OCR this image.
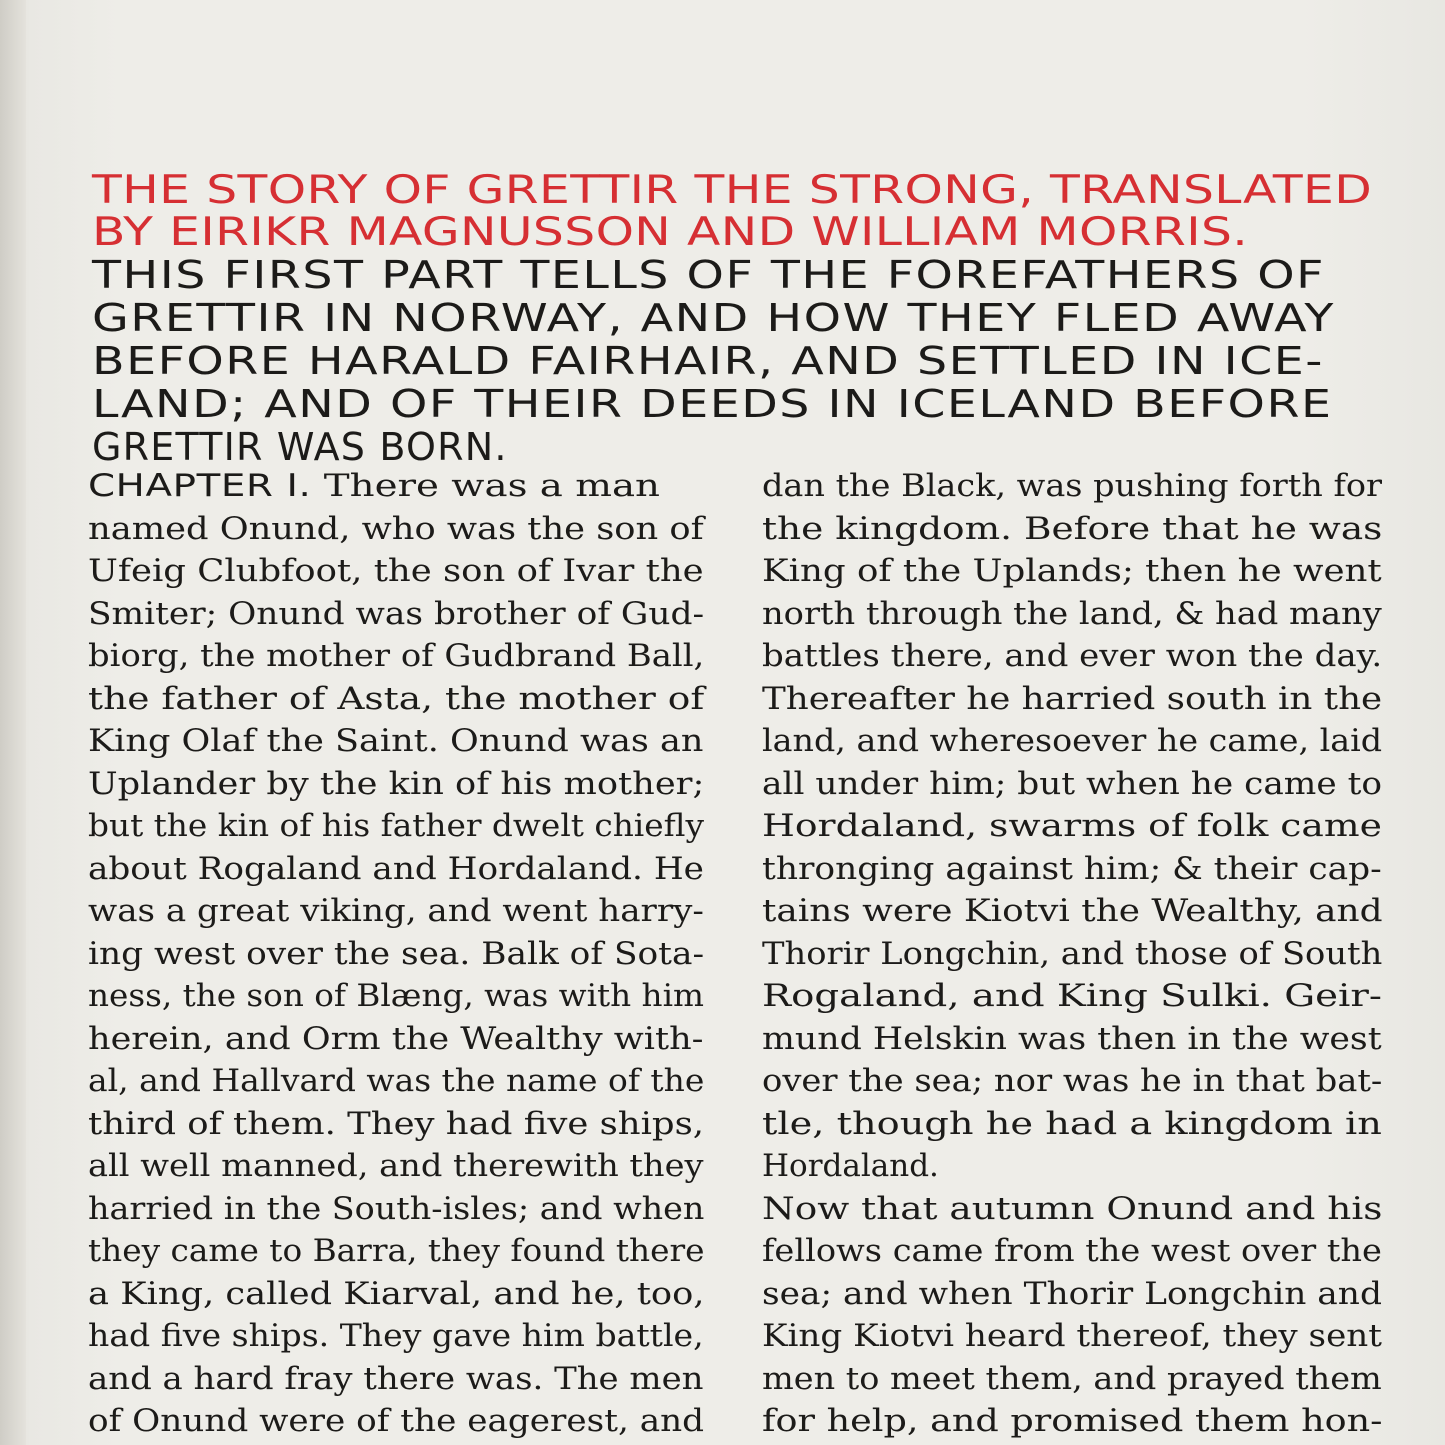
THE STORY OF GRETTIR THE STRONG, TRANSLATED
BY EIRIKR MAGNUSSON AND WILLIAM MORRIS.
THIS FIRST PART TELLS OF THE FOREFATHERS OF
GRETTIR IN NORWAY, AND HOW THEY FLED AWAY
BEFORE HARALD FAIRHAIR, AND SETTLED IN ICE-
LAND; AND OF THEIR DEEDS IN ICELAND BEFORE
GRETTIR WAS BORN.
CHAPTER I. There was a man
named Onund, who was the son of
Ufeig Clubfoot, the son of Ivar the
Smiter; Onund was brother of Gud-
biorg, the mother of Gudbrand Ball,
the father of Asta, the mother of
King Olaf the Saint. Onund was an
Uplander by the kin of his mother;
but the kin of his father dwelt chiefly
about Rogaland and Hordaland. He
was a great viking, and went harry-
ing west over the sea. Balk of Sota-
ness, the son of Blæng, was with him
herein, and Orm the Wealthy with-
al, and Hallvard was the name of the
third of them. They had five ships,
all well manned, and therewith they
harried in the South-isles; and when
they came to Barra, they found there
a King, called Kiarval, and he, too,
had five ships. They gave him battle,
and a hard fray there was. The men
of Onund were of the eagerest, and
dan the Black, was pushing forth for
the kingdom. Before that he was
King of the Uplands; then he went
north through the land, & had many
battles there, and ever won the day.
Thereafter he harried south in the
land, and wheresoever he came, laid
all under him; but when he came to
Hordaland, swarms of folk came
thronging against him; & their cap-
tains were Kiotvi the Wealthy, and
Thorir Longchin, and those of South
Rogaland, and King Sulki. Geir-
mund Helskin was then in the west
over the sea; nor was he in that bat-
tle, though he had a kingdom in
Hordaland.
Now that autumn Onund and his
fellows came from the west over the
sea; and when Thorir Longchin and
King Kiotvi heard thereof, they sent
men to meet them, and prayed them
for help, and promised them hon-
